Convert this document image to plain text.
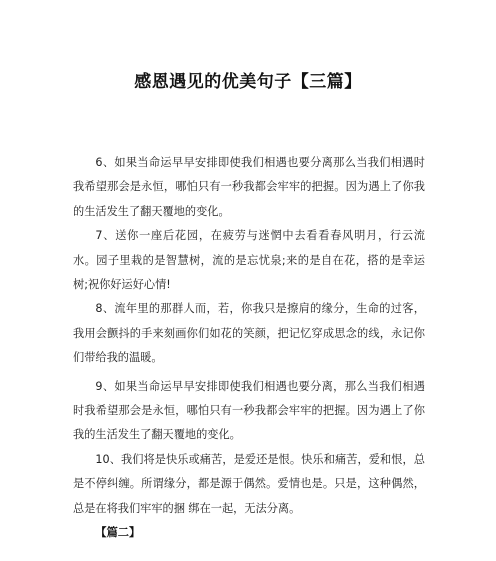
感恩遇见的优美句子【三篇】

6、如果当命运早早安排即使我们相遇也要分离那么当我们相遇时我希望那会是永恒，哪怕只有一秒我都会牢牢的把握。因为遇上了你我的生活发生了翻天覆地的变化。

7、送你一座后花园，在疲劳与迷惘中去看看春风明月，行云流水。园子里栽的是智慧树，流的是忘忧泉;来的是自在花，搭的是幸运树;祝你好运好心情!

8、流年里的那群人而，若，你我只是擦肩的缘分，生命的过客，我用会颤抖的手来刻画你们如花的笑颜，把记忆穿成思念的线，永记你们带给我的温暖。

9、如果当命运早早安排即使我们相遇也要分离，那么当我们相遇时我希望那会是永恒，哪怕只有一秒我都会牢牢的把握。因为遇上了你我的生活发生了翻天覆地的变化。

10、我们将是快乐或痛苦，是爱还是恨。快乐和痛苦，爱和恨，总是不停纠缠。所谓缘分，都是源于偶然。爱情也是。只是，这种偶然，总是在将我们牢牢的捆 绑在一起，无法分离。

【篇二】
